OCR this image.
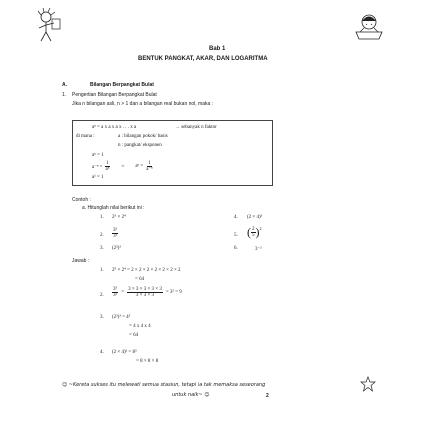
Bab 1
BENTUK PANGKAT, AKAR, DAN LOGARITMA
A.	Bilangan Berpangkat Bulat
1. Pengertian Bilangan Berpangkat Bulat
Jika n bilangan asli, n > 1 dan a bilangan real bukan nol, maka :
aⁿ = a x a x a x . . . x a	→ sebanyak n faktor
di mana :	a : bilangan pokok/ basis
n : pangkat/ eksponen
aⁿ = 1
$a^{-n} = \frac{1}{\text{aⁿ}}$ ⇔ $a^n = \frac{1}{\text{a⁻ⁿ}}$
a¹ = 1
Contoh :
a. Hitunglah nilai berikut ini :
1. 2⁵ × 2⁴
2. $\frac{\text{3⁵}}{\text{3²}}$
3. (2²)³
4. (2 × 4)³
5. ( $\frac{2}{5}$ ) 2
6.	3⁻²
Jawab :
1. 2⁵ × 2⁴ = 2 × 2 × 2 × 2 × 2 × 2 × 2
= 64
2. $\frac{\text{3⁵}}{\text{3²}} = \frac{3 \times 3 \times 3 \times 3 \times 3}{3 \times 3 \times 3} = 3^2 = 9$
3. (2²)³ = 4³
= 4 x 4 x 4
= 64
4. (2 × 4)³ = 8³
= 8 × 8 × 8
☺ ~Kereta sukses itu melewati semua stasiun, tetapi ia tak memaksa seseorang
untuk naik~ ☺	2
